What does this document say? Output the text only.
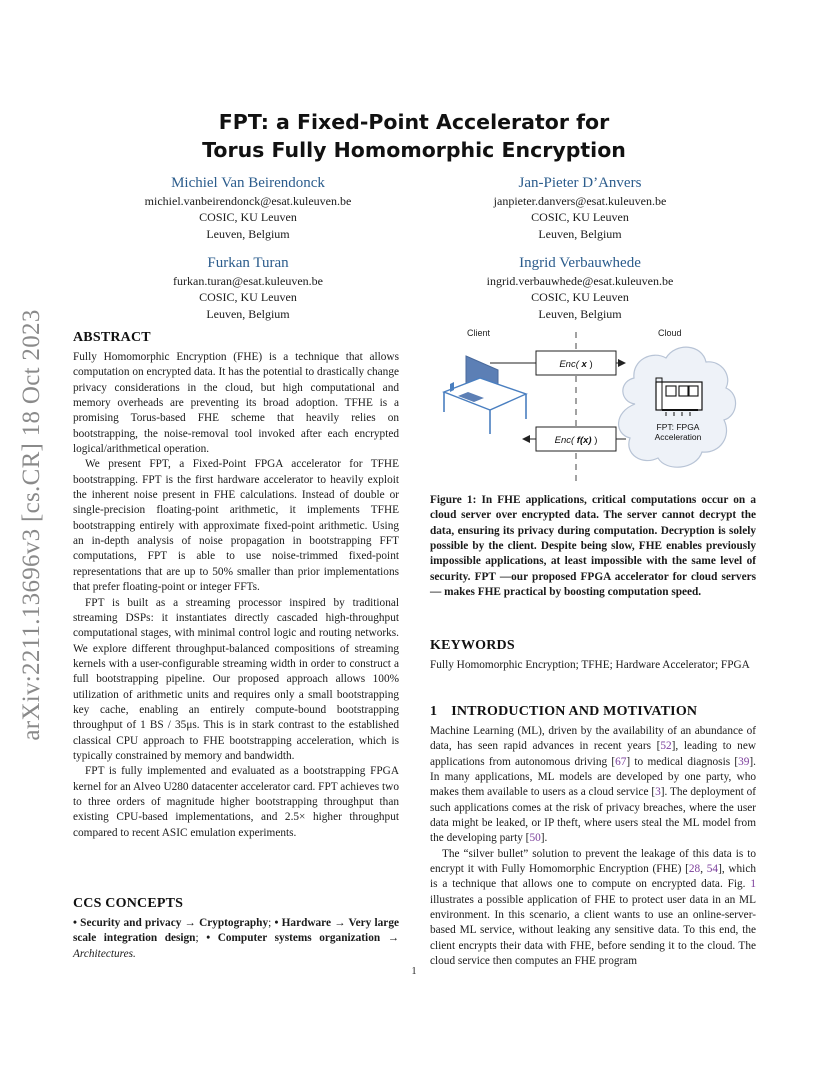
arXiv:2211.13696v3 [cs.CR] 18 Oct 2023
FPT: a Fixed-Point Accelerator for
Torus Fully Homomorphic Encryption
Michiel Van Beirendonck
michiel.vanbeirendonck@esat.kuleuven.be
COSIC, KU Leuven
Leuven, Belgium
Jan-Pieter D’Anvers
janpieter.danvers@esat.kuleuven.be
COSIC, KU Leuven
Leuven, Belgium
Furkan Turan
furkan.turan@esat.kuleuven.be
COSIC, KU Leuven
Leuven, Belgium
Ingrid Verbauwhede
ingrid.verbauwhede@esat.kuleuven.be
COSIC, KU Leuven
Leuven, Belgium
ABSTRACT

Fully Homomorphic Encryption (FHE) is a technique that allows computation on encrypted data. It has the potential to drastically change privacy considerations in the cloud, but high computational and memory overheads are preventing its broad adoption. TFHE is a promising Torus-based FHE scheme that heavily relies on bootstrapping, the noise-removal tool invoked after each encrypted logical/arithmetical operation.

We present FPT, a Fixed-Point FPGA accelerator for TFHE bootstrapping. FPT is the first hardware accelerator to heavily exploit the inherent noise present in FHE calculations. Instead of double or single-precision floating-point arithmetic, it implements TFHE bootstrapping entirely with approximate fixed-point arithmetic. Using an in-depth analysis of noise propagation in bootstrapping FFT computations, FPT is able to use noise-trimmed fixed-point representations that are up to 50% smaller than prior implementations that prefer floating-point or integer FFTs.

FPT is built as a streaming processor inspired by traditional streaming DSPs: it instantiates directly cascaded high-throughput computational stages, with minimal control logic and routing networks. We explore different throughput-balanced compositions of streaming kernels with a user-configurable streaming width in order to construct a full bootstrapping pipeline. Our proposed approach allows 100% utilization of arithmetic units and requires only a small bootstrapping key cache, enabling an entirely compute-bound bootstrapping throughput of 1 BS / 35μs. This is in stark contrast to the established classical CPU approach to FHE bootstrapping acceleration, which is typically constrained by memory and bandwidth.

FPT is fully implemented and evaluated as a bootstrapping FPGA kernel for an Alveo U280 datacenter accelerator card. FPT achieves two to three orders of magnitude higher bootstrapping throughput than existing CPU-based implementations, and 2.5× higher throughput compared to recent ASIC emulation experiments.

CCS CONCEPTS
• Security and privacy → Cryptography; • Hardware → Very large scale integration design; • Computer systems organization → Architectures.
Client	Cloud
Enc( x )
Enc( f(x) )
FPT: FPGA
Acceleration
Figure 1: In FHE applications, critical computations occur on a cloud server over encrypted data. The server cannot decrypt the data, ensuring its privacy during computation. Decryption is solely possible by the client. Despite being slow, FHE enables previously impossible applications, at least impossible with the same level of security. FPT —our proposed FPGA accelerator for cloud servers— makes FHE practical by boosting computation speed.
KEYWORDS
Fully Homomorphic Encryption; TFHE; Hardware Accelerator; FPGA
1 INTRODUCTION AND MOTIVATION

Machine Learning (ML), driven by the availability of an abundance of data, has seen rapid advances in recent years [52], leading to new applications from autonomous driving [67] to medical diagnosis [39]. In many applications, ML models are developed by one party, who makes them available to users as a cloud service [3]. The deployment of such applications comes at the risk of privacy breaches, where the user data might be leaked, or IP theft, where users steal the ML model from the developing party [50].

The “silver bullet” solution to prevent the leakage of this data is to encrypt it with Fully Homomorphic Encryption (FHE) [28, 54], which is a technique that allows one to compute on encrypted data. Fig. 1 illustrates a possible application of FHE to protect user data in an ML environment. In this scenario, a client wants to use an online-server-based ML service, without leaking any sensitive data. To this end, the client encrypts their data with FHE, before sending it to the cloud. The cloud service then computes an FHE program

1
